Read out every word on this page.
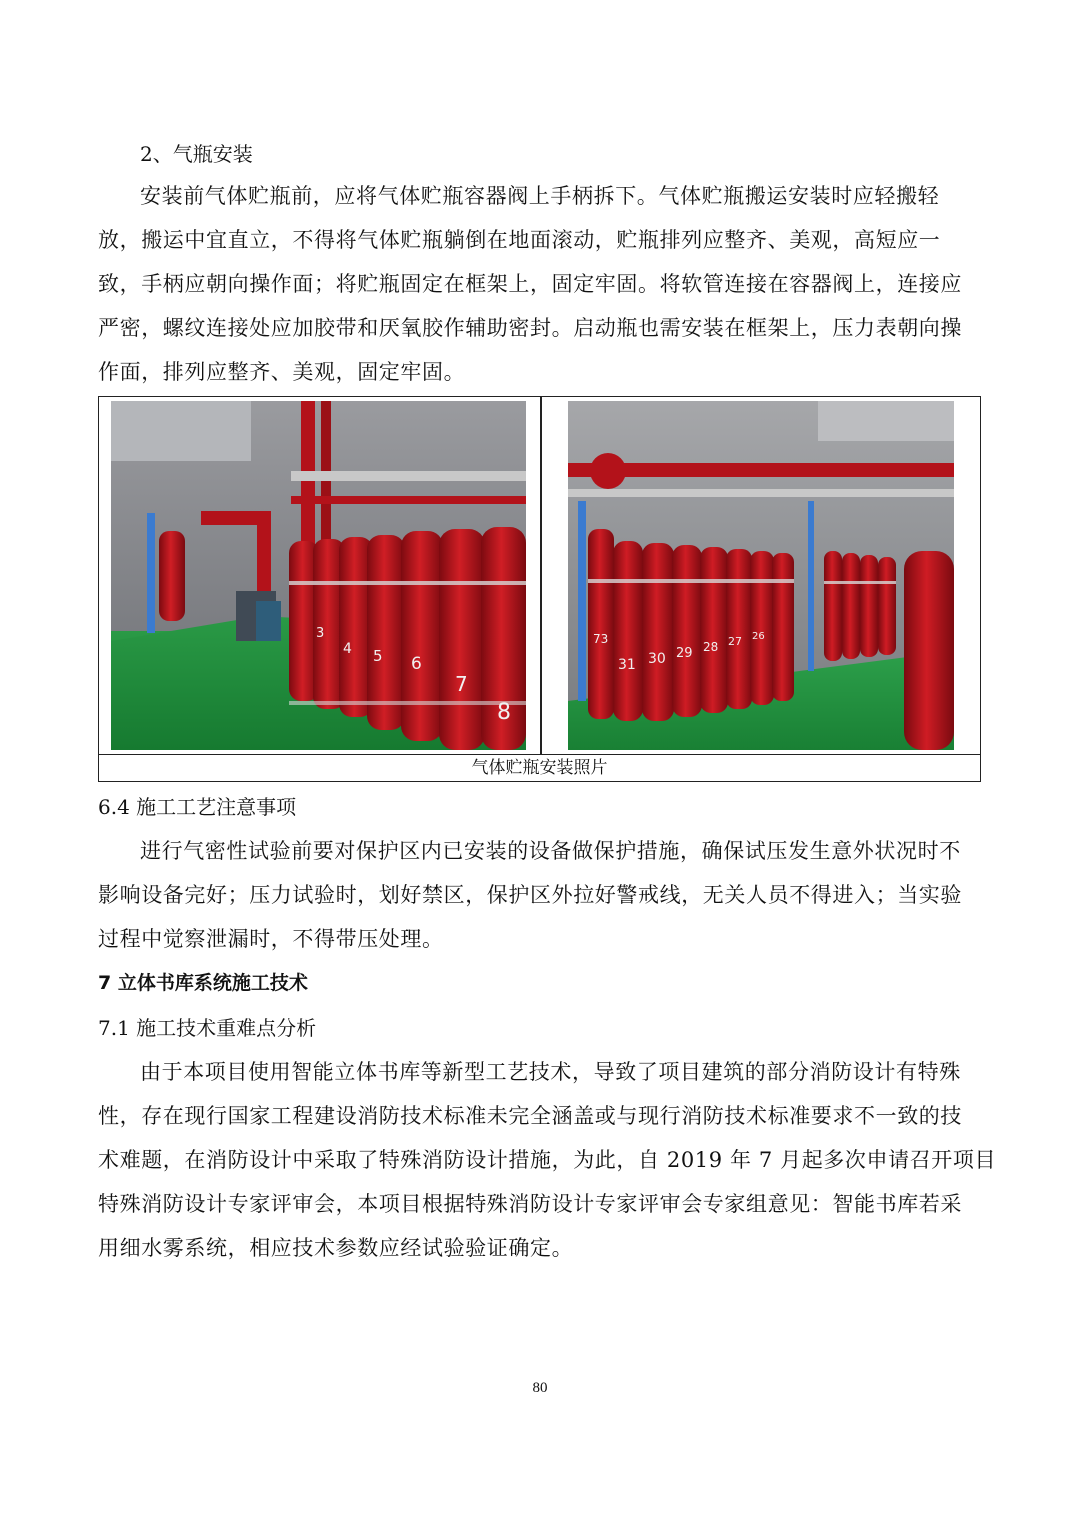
2、气瓶安装
安装前气体贮瓶前，应将气体贮瓶容器阀上手柄拆下。气体贮瓶搬运安装时应轻搬轻
放，搬运中宜直立，不得将气体贮瓶躺倒在地面滚动，贮瓶排列应整齐、美观，高短应一
致，手柄应朝向操作面；将贮瓶固定在框架上，固定牢固。将软管连接在容器阀上，连接应
严密，螺纹连接处应加胶带和厌氧胶作辅助密封。启动瓶也需安装在框架上，压力表朝向操
作面，排列应整齐、美观，固定牢固。
3
4 5 6
7
8
73
31 30 29 28 27 26
气体贮瓶安装照片
6.4 施工工艺注意事项
进行气密性试验前要对保护区内已安装的设备做保护措施，确保试压发生意外状况时不
影响设备完好；压力试验时，划好禁区，保护区外拉好警戒线，无关人员不得进入；当实验
过程中觉察泄漏时，不得带压处理。
7 立体书库系统施工技术
7.1 施工技术重难点分析
由于本项目使用智能立体书库等新型工艺技术，导致了项目建筑的部分消防设计有特殊
性，存在现行国家工程建设消防技术标准未完全涵盖或与现行消防技术标准要求不一致的技
术难题，在消防设计中采取了特殊消防设计措施，为此，自 2019 年 7 月起多次申请召开项目
特殊消防设计专家评审会，本项目根据特殊消防设计专家评审会专家组意见：智能书库若采
用细水雾系统，相应技术参数应经试验验证确定。
80
